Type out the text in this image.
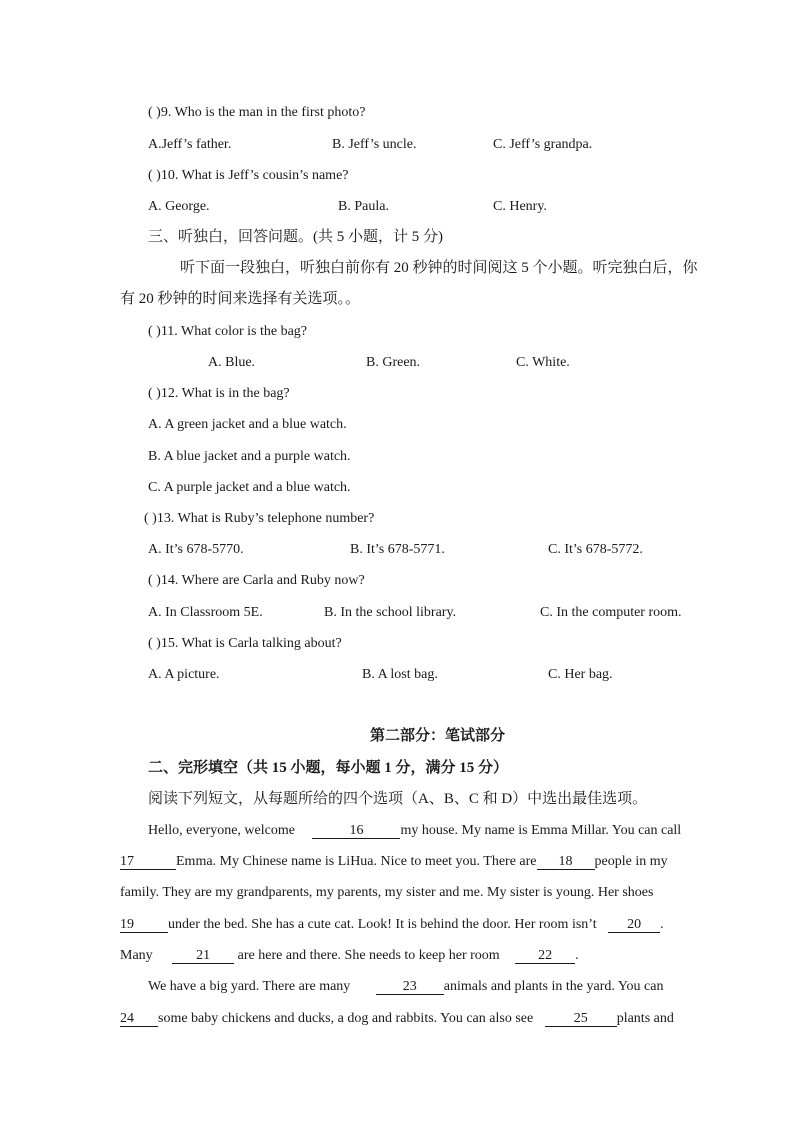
( )9. Who is the man in the first photo?
A.Jeff’s father.	B. Jeff’s uncle.	C. Jeff’s grandpa.
( )10. What is Jeff’s cousin’s name?
A. George.	B. Paula.	C. Henry.
三、听独白，回答问题。(共 5 小题，计 5 分)
听下面一段独白，听独白前你有 20 秒钟的时间阅这 5 个小题。听完独白后，你
有 20 秒钟的时间来选择有关选项。。
( )11. What color is the bag?
A. Blue.	B. Green.	C. White.
( )12. What is in the bag?
A. A green jacket and a blue watch.
B. A blue jacket and a purple watch.
C. A purple jacket and a blue watch.
( )13. What is Ruby’s telephone number?
A. It’s 678-5770.	B. It’s 678-5771.	C. It’s 678-5772.
( )14. Where are Carla and Ruby now?
A. In Classroom 5E.	B. In the school library.	C. In the computer room.
( )15. What is Carla talking about?
A. A picture.	B. A lost bag.	C. Her bag.
第二部分：笔试部分
二、完形填空（共 15 小题，每小题 1 分，满分 15 分）
阅读下列短文，从每题所给的四个选项（A、B、C 和 D）中选出最佳选项。
Hello, everyone, welcome	16	my house. My name is Emma Millar. You can call
17	Emma. My Chinese name is LiHua. Nice to meet you. There are 18 people in my
family. They are my grandparents, my parents, my sister and me. My sister is young. Her shoes
19 under the bed. She has a cute cat. Look! It is behind the door. Her room isn’t 20 .
Many	21 are here and there. She needs to keep her room	22 .
We have a big yard. There are many	23 animals and plants in the yard. You can
24 some baby chickens and ducks, a dog and rabbits. You can also see	25 plants and
